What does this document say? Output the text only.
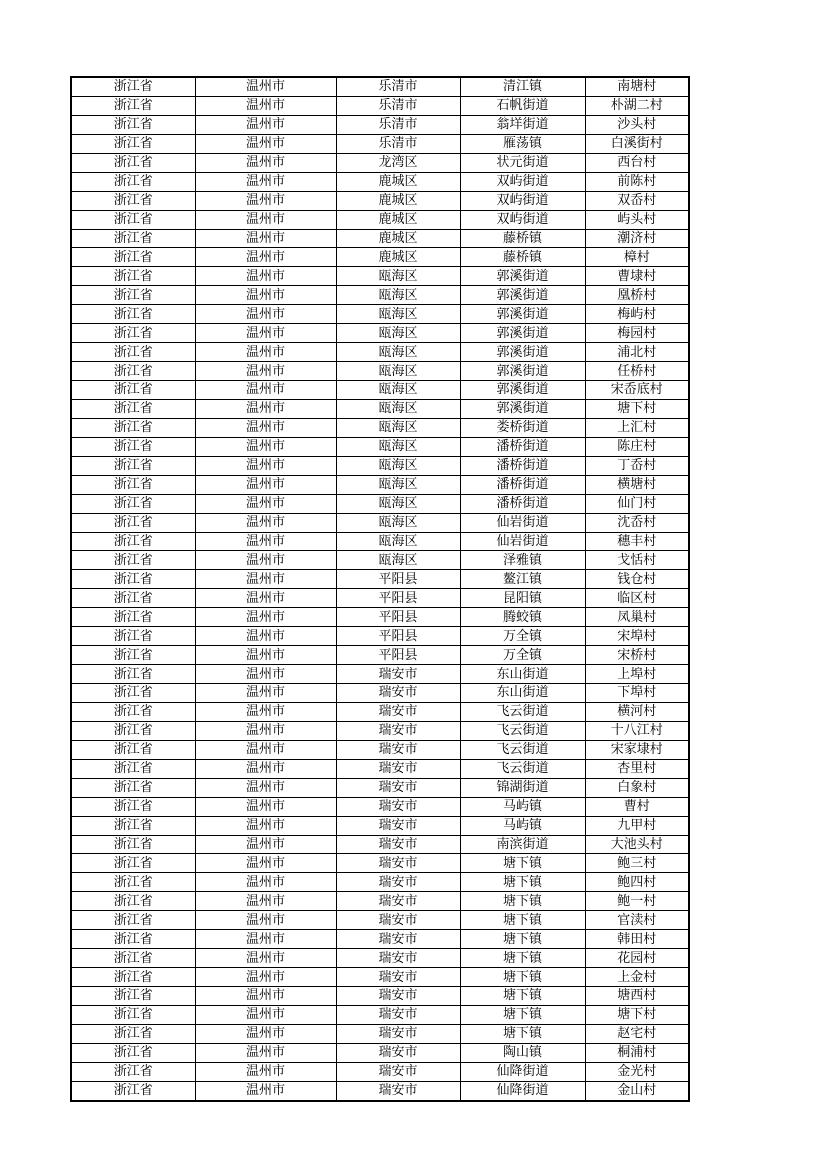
浙江省	温州市	乐清市	清江镇	南塘村
浙江省	温州市	乐清市	石帆街道	朴湖二村
浙江省	温州市	乐清市	翁垟街道	沙头村
浙江省	温州市	乐清市	雁荡镇	白溪街村
浙江省	温州市	龙湾区	状元街道	西台村
浙江省	温州市	鹿城区	双屿街道	前陈村
浙江省	温州市	鹿城区	双屿街道	双岙村
浙江省	温州市	鹿城区	双屿街道	屿头村
浙江省	温州市	鹿城区	藤桥镇	潮济村
浙江省	温州市	鹿城区	藤桥镇	樟村
浙江省	温州市	瓯海区	郭溪街道	曹埭村
浙江省	温州市	瓯海区	郭溪街道	凰桥村
浙江省	温州市	瓯海区	郭溪街道	梅屿村
浙江省	温州市	瓯海区	郭溪街道	梅园村
浙江省	温州市	瓯海区	郭溪街道	浦北村
浙江省	温州市	瓯海区	郭溪街道	任桥村
浙江省	温州市	瓯海区	郭溪街道	宋岙底村
浙江省	温州市	瓯海区	郭溪街道	塘下村
浙江省	温州市	瓯海区	娄桥街道	上汇村
浙江省	温州市	瓯海区	潘桥街道	陈庄村
浙江省	温州市	瓯海区	潘桥街道	丁岙村
浙江省	温州市	瓯海区	潘桥街道	横塘村
浙江省	温州市	瓯海区	潘桥街道	仙门村
浙江省	温州市	瓯海区	仙岩街道	沈岙村
浙江省	温州市	瓯海区	仙岩街道	穗丰村
浙江省	温州市	瓯海区	泽雅镇	戈恬村
浙江省	温州市	平阳县	鳌江镇	钱仓村
浙江省	温州市	平阳县	昆阳镇	临区村
浙江省	温州市	平阳县	腾蛟镇	凤巢村
浙江省	温州市	平阳县	万全镇	宋埠村
浙江省	温州市	平阳县	万全镇	宋桥村
浙江省	温州市	瑞安市	东山街道	上埠村
浙江省	温州市	瑞安市	东山街道	下埠村
浙江省	温州市	瑞安市	飞云街道	横河村
浙江省	温州市	瑞安市	飞云街道	十八江村
浙江省	温州市	瑞安市	飞云街道	宋家埭村
浙江省	温州市	瑞安市	飞云街道	杏里村
浙江省	温州市	瑞安市	锦湖街道	白象村
浙江省	温州市	瑞安市	马屿镇	曹村
浙江省	温州市	瑞安市	马屿镇	九甲村
浙江省	温州市	瑞安市	南滨街道	大池头村
浙江省	温州市	瑞安市	塘下镇	鲍三村
浙江省	温州市	瑞安市	塘下镇	鲍四村
浙江省	温州市	瑞安市	塘下镇	鲍一村
浙江省	温州市	瑞安市	塘下镇	官渎村
浙江省	温州市	瑞安市	塘下镇	韩田村
浙江省	温州市	瑞安市	塘下镇	花园村
浙江省	温州市	瑞安市	塘下镇	上金村
浙江省	温州市	瑞安市	塘下镇	塘西村
浙江省	温州市	瑞安市	塘下镇	塘下村
浙江省	温州市	瑞安市	塘下镇	赵宅村
浙江省	温州市	瑞安市	陶山镇	桐浦村
浙江省	温州市	瑞安市	仙降街道	金光村
浙江省	温州市	瑞安市	仙降街道	金山村
